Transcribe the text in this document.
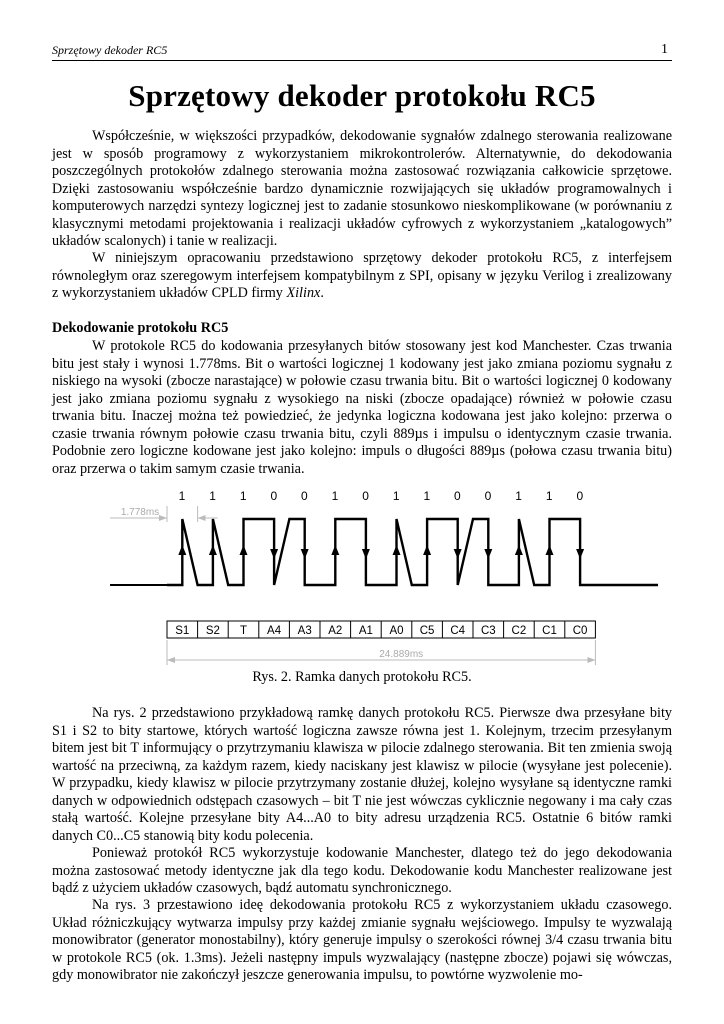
Sprzętowy dekoder RC5	1
Sprzętowy dekoder protokołu RC5

Współcześnie, w większości przypadków, dekodowanie sygnałów zdalnego sterowania realizowane jest w sposób programowy z wykorzystaniem mikrokontrolerów. Alternatywnie, do dekodowania poszczególnych protokołów zdalnego sterowania można zastosować rozwiązania całkowicie sprzętowe. Dzięki zastosowaniu współcześnie bardzo dynamicznie rozwijających się układów programowalnych i komputerowych narzędzi syntezy logicznej jest to zadanie stosunkowo nieskomplikowane (w porównaniu z klasycznymi metodami projektowania i realizacji układów cyfrowych z wykorzystaniem „katalogowych” układów scalonych) i tanie w realizacji.

W niniejszym opracowaniu przedstawiono sprzętowy dekoder protokołu RC5, z interfejsem równoległym oraz szeregowym interfejsem kompatybilnym z SPI, opisany w języku Verilog i zrealizowany z wykorzystaniem układów CPLD firmy Xilinx.

Dekodowanie protokołu RC5

W protokole RC5 do kodowania przesyłanych bitów stosowany jest kod Manchester. Czas trwania bitu jest stały i wynosi 1.778ms. Bit o wartości logicznej 1 kodowany jest jako zmiana poziomu sygnału z niskiego na wysoki (zbocze narastające) w połowie czasu trwania bitu. Bit o wartości logicznej 0 kodowany jest jako zmiana poziomu sygnału z wysokiego na niski (zbocze opadające) również w połowie czasu trwania bitu. Inaczej można też powiedzieć, że jedynka logiczna kodowana jest jako kolejno: przerwa o czasie trwania równym połowie czasu trwania bitu, czyli 889µs i impulsu o identycznym czasie trwania. Podobnie zero logiczne kodowane jest jako kolejno: impuls o długości 889µs (połowa czasu trwania bitu) oraz przerwa o takim samym czasie trwania.

Rys. 2. Ramka danych protokołu RC5.

Na rys. 2 przedstawiono przykładową ramkę danych protokołu RC5. Pierwsze dwa przesyłane bity S1 i S2 to bity startowe, których wartość logiczna zawsze równa jest 1. Kolejnym, trzecim przesyłanym bitem jest bit T informujący o przytrzymaniu klawisza w pilocie zdalnego sterowania. Bit ten zmienia swoją wartość na przeciwną, za każdym razem, kiedy naciskany jest klawisz w pilocie (wysyłane jest polecenie). W przypadku, kiedy klawisz w pilocie przytrzymany zostanie dłużej, kolejno wysyłane są identyczne ramki danych w odpowiednich odstępach czasowych – bit T nie jest wówczas cyklicznie negowany i ma cały czas stałą wartość. Kolejne przesyłane bity A4...A0 to bity adresu urządzenia RC5. Ostatnie 6 bitów ramki danych C0...C5 stanowią bity kodu polecenia.

Ponieważ protokół RC5 wykorzystuje kodowanie Manchester, dlatego też do jego dekodowania można zastosować metody identyczne jak dla tego kodu. Dekodowanie kodu Manchester realizowane jest bądź z użyciem układów czasowych, bądź automatu synchronicznego.

Na rys. 3 przestawiono ideę dekodowania protokołu RC5 z wykorzystaniem układu czasowego. Układ różniczkujący wytwarza impulsy przy każdej zmianie sygnału wejściowego. Impulsy te wyzwalają monowibrator (generator monostabilny), który generuje impulsy o szerokości równej 3/4 czasu trwania bitu w protokole RC5 (ok. 1.3ms). Jeżeli następny impuls wyzwalający (następne zbocze) pojawi się wówczas, gdy monowibrator nie zakończył jeszcze generowania impulsu, to powtórne wyzwolenie mo-

1 1 1 0 0 1 0 1 1 0 0 1 1 0
1.778ms
S1 S2 T A4 A3 A2 A1 A0 C5 C4 C3 C2 C1 C0
24.889ms
